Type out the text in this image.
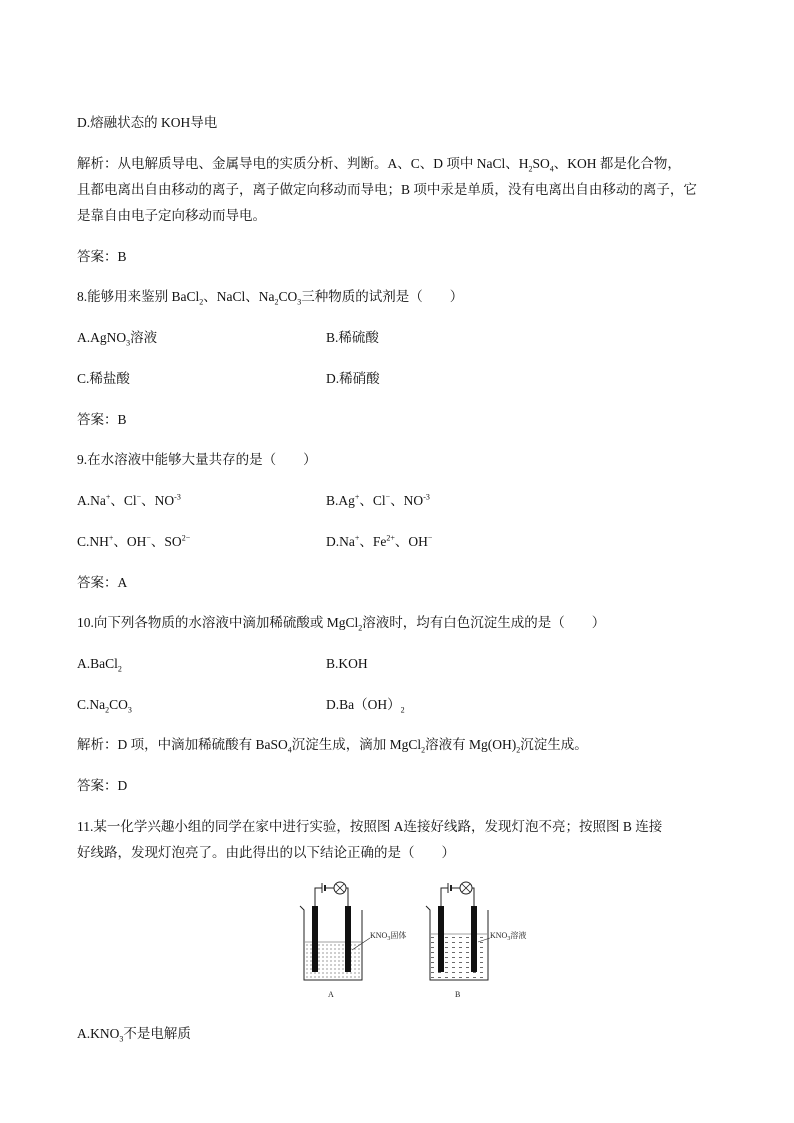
D.熔融状态的 KOH导电
解析：从电解质导电、金属导电的实质分析、判断。A、C、D 项中 NaCl、$H_2SO_4$、KOH 都是化合物，
且都电离出自由移动的离子，离子做定向移动而导电；B 项中汞是单质，没有电离出自由移动的离子，它
是靠自由电子定向移动而导电。
答案：B
8.能够用来鉴别 BaCl$_2$、NaCl、$Na_2CO_3$三种物质的试剂是（　　）
A.AgNO$_3$溶液	B.稀硫酸
C.稀盐酸	D.稀硝酸
答案：B
9.在水溶液中能够大量共存的是（　　）
A.Na+、Cl−、$NO^{-3}$	B.Ag+、Cl−、$NO^{-3}$
C.NH+、OH−、$SO^{2-}$	D.Na+、$Fe^{2+}$、OH−
答案：A
10.向下列各物质的水溶液中滴加稀硫酸或 MgCl$_2$溶液时，均有白色沉淀生成的是（　　）
A.BaCl$_2$	B.KOH
$C.Na_2CO_3$	$D.Ba(OH)_2$
解析：D 项，中滴加稀硫酸有 BaSO$_4$沉淀生成，滴加 MgCl$_2$溶液有 $Mg(OH)_2$沉淀生成。
答案：D
11.某一化学兴趣小组的同学在家中进行实验，按照图 A连接好线路，发现灯泡不亮；按照图 B 连接
好线路，发现灯泡亮了。由此得出的以下结论正确的是（　　）
$KNO_3$固体
A
$KNO_3$溶液
B
$A.KNO_3$不是电解质
